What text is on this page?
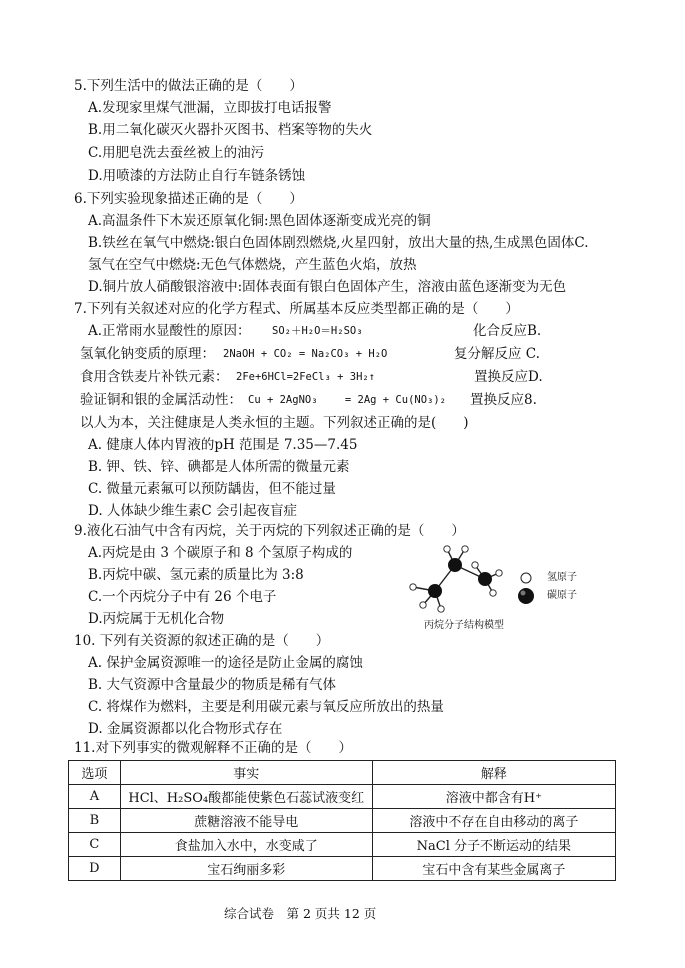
5.下列生活中的做法正确的是（　　）
A.发现家里煤气泄漏，立即拔打电话报警
B.用二氧化碳灭火器扑灭图书、档案等物的失火
C.用肥皂洗去蚕丝被上的油污
D.用喷漆的方法防止自行车链条锈蚀
6.下列实验现象描述正确的是（　　）
A.高温条件下木炭还原氧化铜:黑色固体逐渐变成光亮的铜
B.铁丝在氧气中燃烧:银白色固体剧烈燃烧,火星四射，放出大量的热,生成黑色固体C.
氢气在空气中燃烧:无色气体燃烧，产生蓝色火焰，放热
D.铜片放人硝酸银溶液中:固体表面有银白色固体产生，溶液由蓝色逐渐变为无色
7.下列有关叙述对应的化学方程式、所属基本反应类型都正确的是（　　）
A.正常雨水显酸性的原因： SO₂＋H₂O＝H₂SO₃	化合反应B.
氢氧化钠变质的原理： 2NaOH + CO₂ = Na₂CO₃ + H₂O	复分解反应 C.
食用含铁麦片补铁元素： 2Fe+6HCl=2FeCl₃ + 3H₂↑	置换反应D.
验证铜和银的金属活动性： Cu + 2AgNO₃　　 = 2Ag + Cu(NO₃)₂ 置换反应8.
以人为本，关注健康是人类永恒的主题。下列叙述正确的是(　　)
A. 健康人体内胃液的pH 范围是 7.35—7.45
B. 钾、铁、锌、碘都是人体所需的微量元素
C. 微量元素氟可以预防龋齿，但不能过量
D. 人体缺少维生素C 会引起夜盲症
9.液化石油气中含有丙烷，关于丙烷的下列叙述正确的是（　　）
A.丙烷是由 3 个碳原子和 8 个氢原子构成的
B.丙烷中碳、氢元素的质量比为 3:8
C.一个丙烷分子中有 26 个电子
D.丙烷属于无机化合物
氢原子
碳原子
丙烷分子结构模型
10. 下列有关资源的叙述正确的是（　　）
A. 保护金属资源唯一的途径是防止金属的腐蚀
B. 大气资源中含量最少的物质是稀有气体
C. 将煤作为燃料，主要是利用碳元素与氧反应所放出的热量
D. 金属资源都以化合物形式存在
11.对下列事实的微观解释不正确的是（　　）
选项	事实	解释
A	HCl、H₂SO₄酸都能使紫色石蕊试液变红	溶液中都含有H⁺
B	蔗糖溶液不能导电	溶液中不存在自由移动的离子
C	食盐加入水中，水变咸了	NaCl 分子不断运动的结果
D	宝石绚丽多彩	宝石中含有某些金属离子
综合试卷　第 2 页共 12 页
